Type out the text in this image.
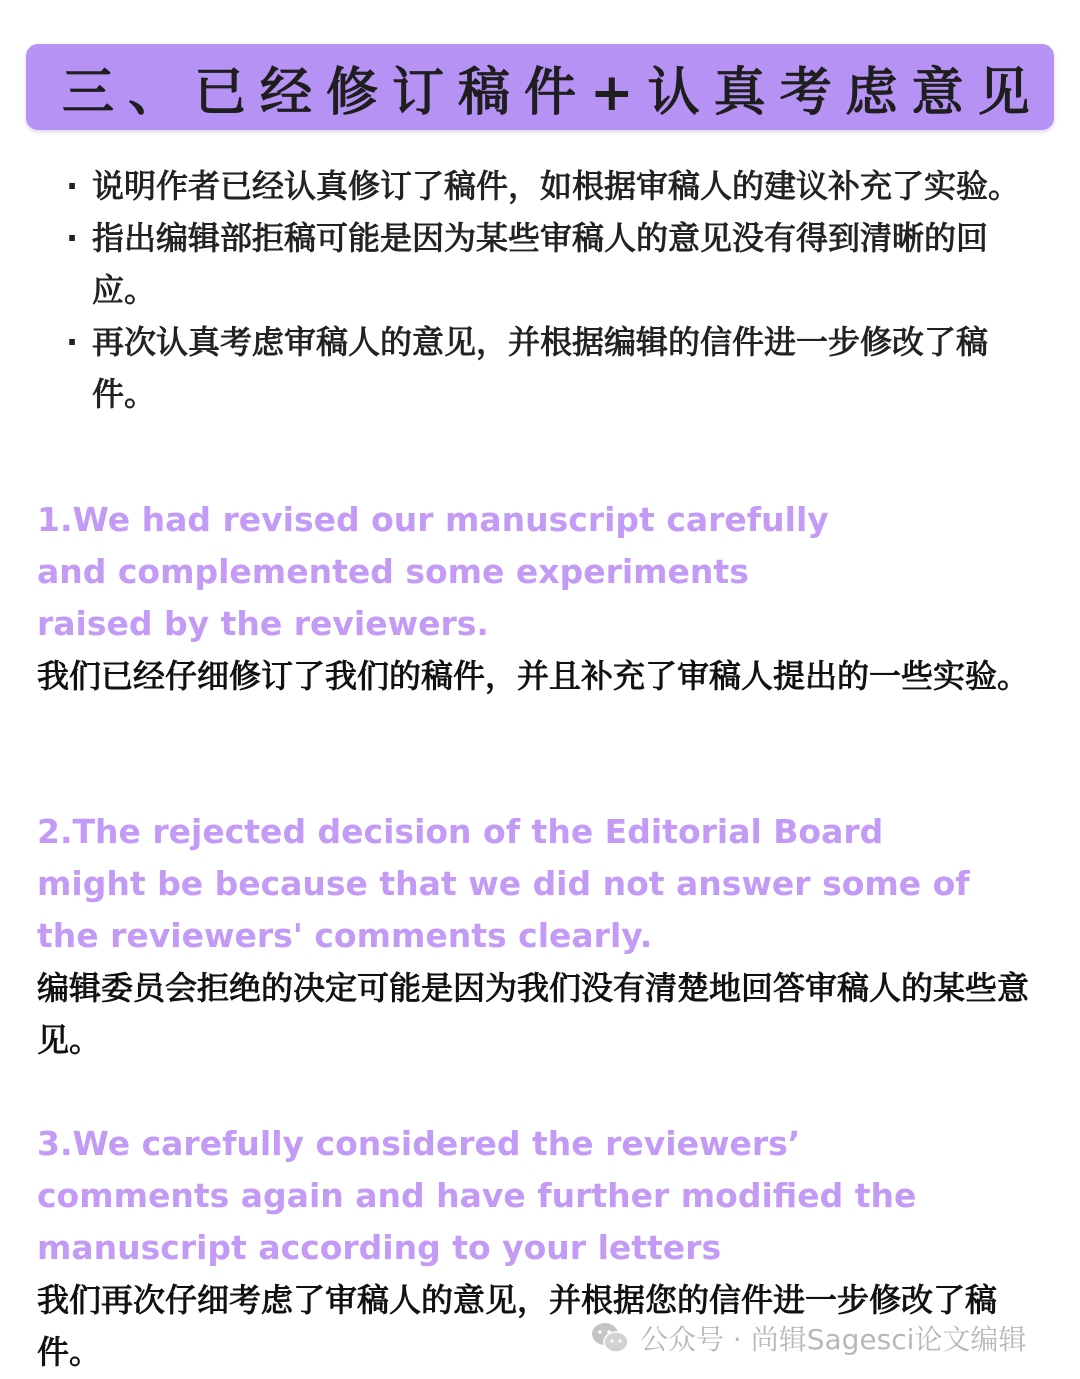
三、已经修订稿件+认真考虑意见
· 说明作者已经认真修订了稿件，如根据审稿人的建议补充了实验。
· 指出编辑部拒稿可能是因为某些审稿人的意见没有得到清晰的回应。
· 再次认真考虑审稿人的意见，并根据编辑的信件进一步修改了稿件。
1.We had revised our manuscript carefully and complemented some experiments raised by the reviewers.
我们已经仔细修订了我们的稿件，并且补充了审稿人提出的一些实验。
2.The rejected decision of the Editorial Board might be because that we did not answer some of the reviewers' comments clearly.
编辑委员会拒绝的决定可能是因为我们没有清楚地回答审稿人的某些意见。
3.We carefully considered the reviewers’ comments again and have further modified the manuscript according to your letters
我们再次仔细考虑了审稿人的意见，并根据您的信件进一步修改了稿件。	公众号 · 尚辑Sagesci论文编辑
